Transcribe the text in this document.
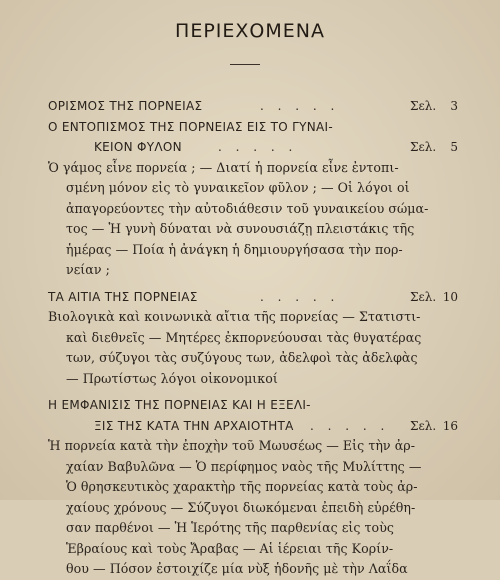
ΠΕΡΙΕΧΟΜΕΝΑ
ΟΡΙΣΜΟΣ ΤΗΣ ΠΟΡΝΕΙΑΣ	. . . . .	Σελ. 3
Ο ΕΝΤΟΠΙΣΜΟΣ ΤΗΣ ΠΟΡΝΕΙΑΣ ΕΙΣ ΤΟ ΓΥΝΑΙ-
ΚΕΙΟΝ ΦΥΛΟΝ	. . . . .	Σελ. 5
Ὁ γάμος εἶνε πορνεία ; — Διατί ἡ πορνεία εἶνε ἐντοπι-
σμένη μόνον εἰς τὸ γυναικεῖον φῦλον ; — Οἱ λόγοι οἱ
ἀπαγορεύοντες τὴν αὐτοδιάθεσιν τοῦ γυναικείου σώμα-
τος — Ἡ γυνὴ δύναται νὰ συνουσιάζῃ πλειστάκις τῆς
ἡμέρας — Ποία ἡ ἀνάγκη ἡ δημιουργήσασα τὴν πορ-
νείαν ;
ΤΑ ΑΙΤΙΑ ΤΗΣ ΠΟΡΝΕΙΑΣ	. . . . .	Σελ. 10
Βιολογικὰ καὶ κοινωνικὰ αἴτια τῆς πορνείας — Στατιστι-
καὶ διεθνεῖς — Μητέρες ἐκπορνεύουσαι τὰς θυγατέρας
των, σύζυγοι τὰς συζύγους των, ἀδελφοὶ τὰς ἀδελφὰς
— Πρωτίστως λόγοι οἰκονομικοί
Η ΕΜΦΑΝΙΣΙΣ ΤΗΣ ΠΟΡΝΕΙΑΣ ΚΑΙ Η ΕΞΕΛΙ-
ΞΙΣ ΤΗΣ ΚΑΤΑ ΤΗΝ ΑΡΧΑΙΟΤΗΤΑ . . . . . Σελ. 16
Ἡ πορνεία κατὰ τὴν ἐποχὴν τοῦ Μωυσέως — Εἰς τὴν ἀρ-
χαίαν Βαβυλῶνα — Ὁ περίφημος ναὸς τῆς Μυλίττης —
Ὁ θρησκευτικὸς χαρακτὴρ τῆς πορνείας κατὰ τοὺς ἀρ-
χαίους χρόνους — Σύζυγοι διωκόμεναι ἐπειδὴ εὑρέθη-
σαν παρθένοι — Ἡ Ἱερότης τῆς παρθενίας εἰς τοὺς
Ἑβραίους καὶ τοὺς Ἄραβας — Αἱ ἱέρειαι τῆς Κορίν-
θου — Πόσον ἐστοιχίζε μία νὺξ ἡδονῆς μὲ τὴν Λαΐδα
